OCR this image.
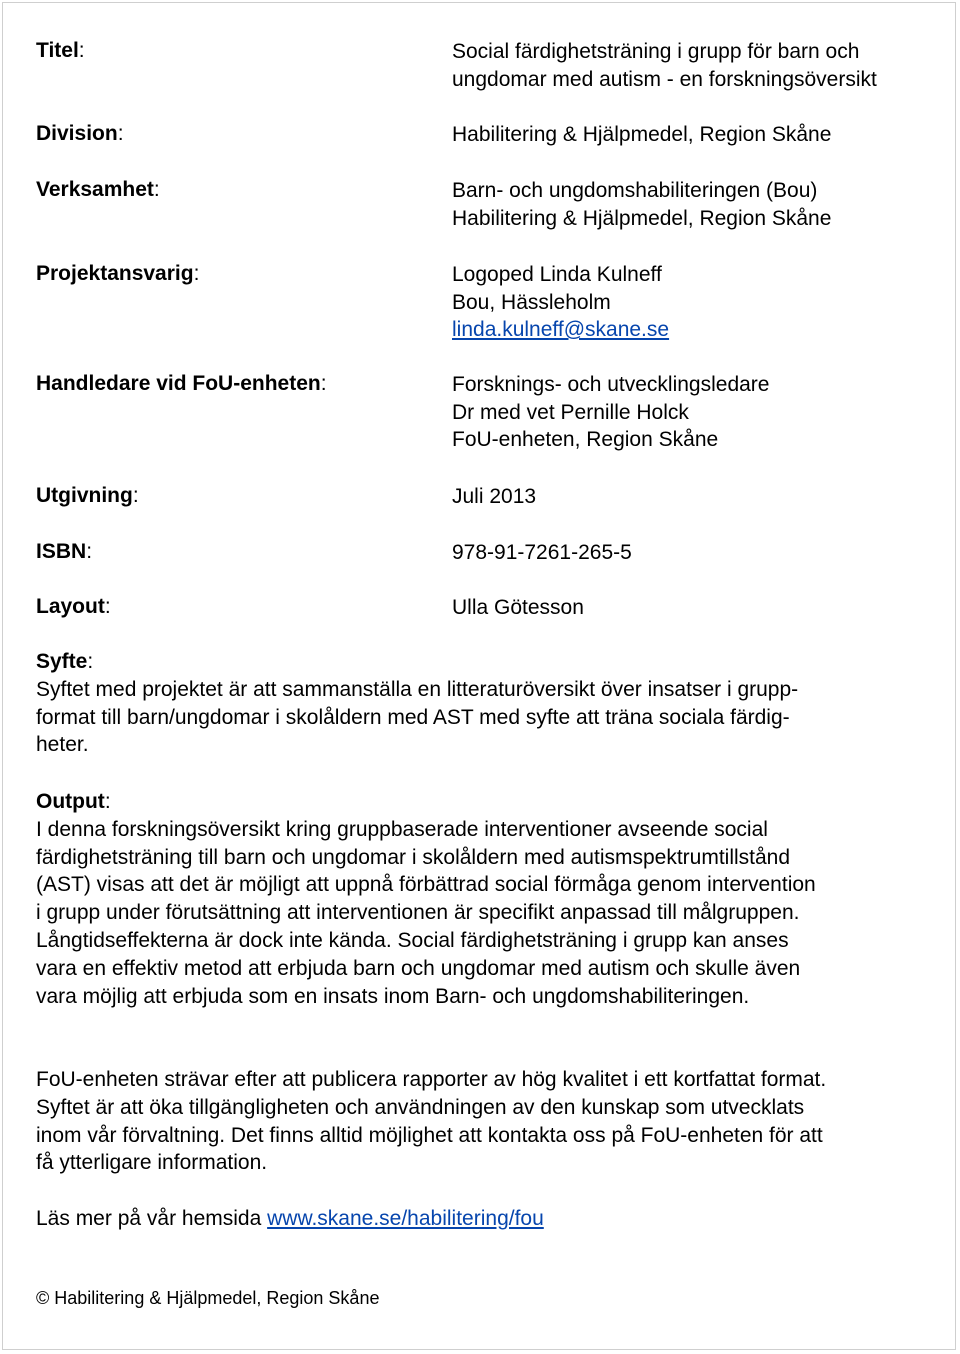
Titel:	Social färdighetsträning i grupp för barn och
ungdomar med autism - en forskningsöversikt
Division:	Habilitering & Hjälpmedel, Region Skåne
Verksamhet:	Barn- och ungdomshabiliteringen (Bou)
Habilitering & Hjälpmedel, Region Skåne
Projektansvarig:	Logoped Linda Kulneff
Bou, Hässleholm
linda.kulneff@skane.se
Handledare vid FoU-enheten:	Forsknings- och utvecklingsledare
Dr med vet Pernille Holck
FoU-enheten, Region Skåne
Utgivning:	Juli 2013
ISBN:	978-91-7261-265-5
Layout:	Ulla Götesson
Syfte:
Syftet med projektet är att sammanställa en litteraturöversikt över insatser i grupp-
format till barn/ungdomar i skolåldern med AST med syfte att träna sociala färdig-
heter.
Output:
I denna forskningsöversikt kring gruppbaserade interventioner avseende social
färdighetsträning till barn och ungdomar i skolåldern med autismspektrumtillstånd
(AST) visas att det är möjligt att uppnå förbättrad social förmåga genom intervention
i grupp under förutsättning att interventionen är specifikt anpassad till målgruppen.
Långtidseffekterna är dock inte kända. Social färdighetsträning i grupp kan anses
vara en effektiv metod att erbjuda barn och ungdomar med autism och skulle även
vara möjlig att erbjuda som en insats inom Barn- och ungdomshabiliteringen.
FoU-enheten strävar efter att publicera rapporter av hög kvalitet i ett kortfattat format.
Syftet är att öka tillgängligheten och användningen av den kunskap som utvecklats
inom vår förvaltning. Det finns alltid möjlighet att kontakta oss på FoU-enheten för att
få ytterligare information.
Läs mer på vår hemsida www.skane.se/habilitering/fou
© Habilitering & Hjälpmedel, Region Skåne
